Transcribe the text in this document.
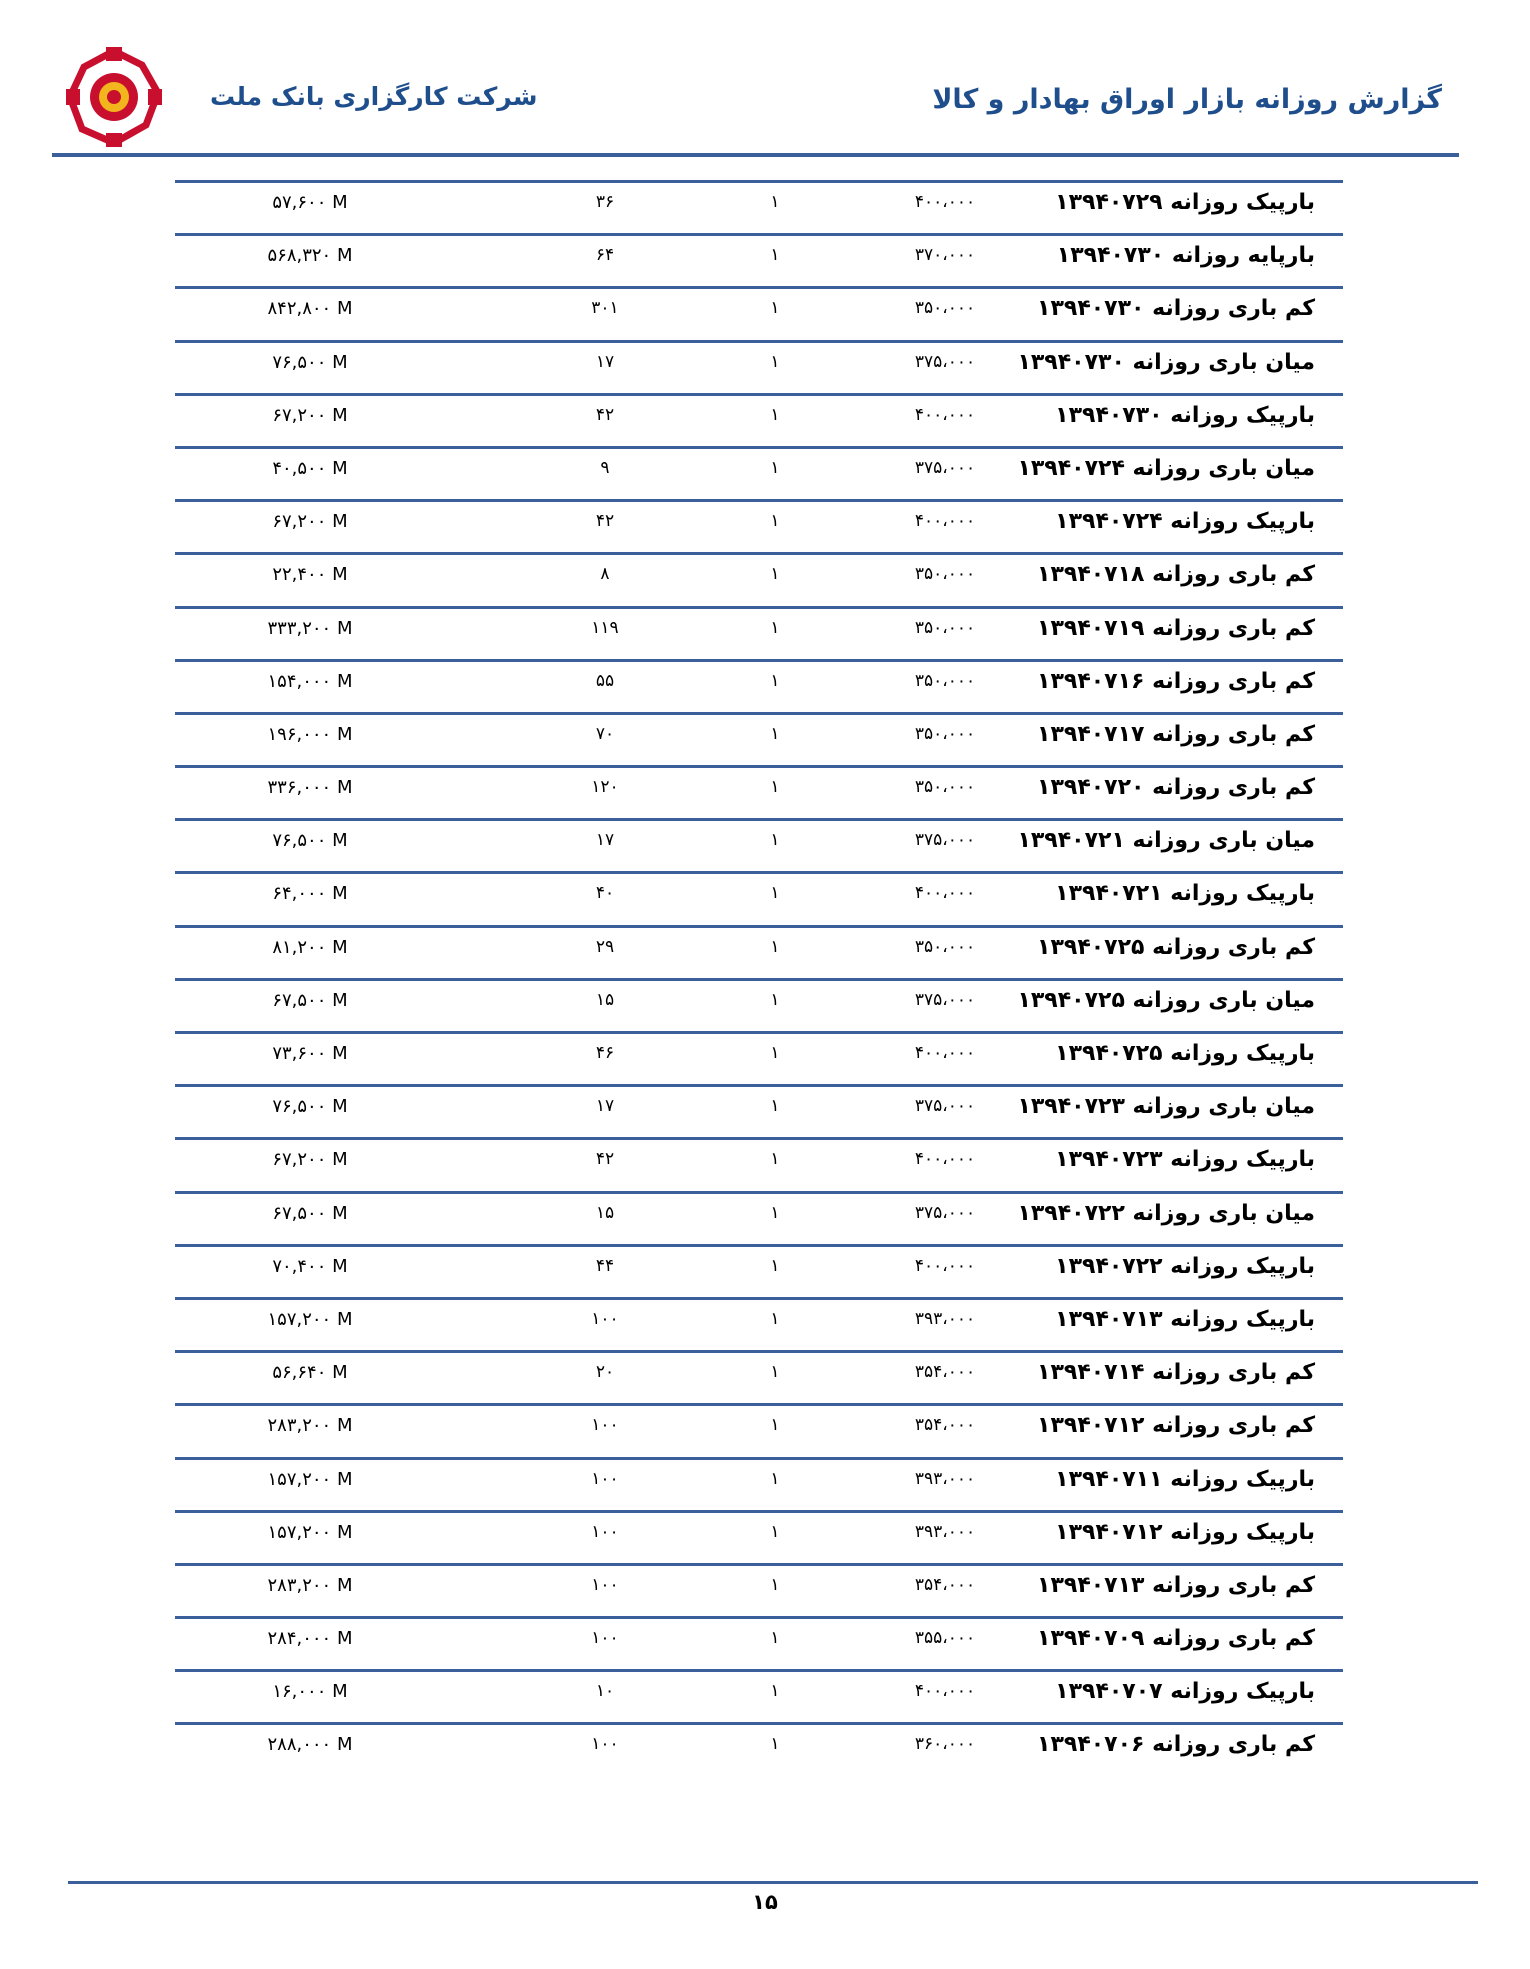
شرکت کارگزاری بانک ملت	گزارش روزانه بازار اوراق بهادار و کالا
بارپیک روزانه ۱۳۹۴۰۷۲۹
۴۰۰،۰۰۰
۱
۳۶
۵۷,۶۰۰ M
بارپایه روزانه ۱۳۹۴۰۷۳۰
۳۷۰،۰۰۰
۱
۶۴
۵۶۸,۳۲۰ M
کم باری روزانه ۱۳۹۴۰۷۳۰
۳۵۰،۰۰۰
۱
۳۰۱
۸۴۲,۸۰۰ M
میان باری روزانه ۱۳۹۴۰۷۳۰
۳۷۵،۰۰۰
۱
۱۷
۷۶,۵۰۰ M
بارپیک روزانه ۱۳۹۴۰۷۳۰
۴۰۰،۰۰۰
۱
۴۲
۶۷,۲۰۰ M
میان باری روزانه ۱۳۹۴۰۷۲۴
۳۷۵،۰۰۰
۱
۹
۴۰,۵۰۰ M
بارپیک روزانه ۱۳۹۴۰۷۲۴
۴۰۰،۰۰۰
۱
۴۲
۶۷,۲۰۰ M
کم باری روزانه ۱۳۹۴۰۷۱۸
۳۵۰،۰۰۰
۱
۸
۲۲,۴۰۰ M
کم باری روزانه ۱۳۹۴۰۷۱۹
۳۵۰،۰۰۰
۱
۱۱۹
۳۳۳,۲۰۰ M
کم باری روزانه ۱۳۹۴۰۷۱۶
۳۵۰،۰۰۰
۱
۵۵
۱۵۴,۰۰۰ M
کم باری روزانه ۱۳۹۴۰۷۱۷
۳۵۰،۰۰۰
۱
۷۰
۱۹۶,۰۰۰ M
کم باری روزانه ۱۳۹۴۰۷۲۰
۳۵۰،۰۰۰
۱
۱۲۰
۳۳۶,۰۰۰ M
میان باری روزانه ۱۳۹۴۰۷۲۱
۳۷۵،۰۰۰
۱
۱۷
۷۶,۵۰۰ M
بارپیک روزانه ۱۳۹۴۰۷۲۱
۴۰۰،۰۰۰
۱
۴۰
۶۴,۰۰۰ M
کم باری روزانه ۱۳۹۴۰۷۲۵
۳۵۰،۰۰۰
۱
۲۹
۸۱,۲۰۰ M
میان باری روزانه ۱۳۹۴۰۷۲۵
۳۷۵،۰۰۰
۱
۱۵
۶۷,۵۰۰ M
بارپیک روزانه ۱۳۹۴۰۷۲۵
۴۰۰،۰۰۰
۱
۴۶
۷۳,۶۰۰ M
میان باری روزانه ۱۳۹۴۰۷۲۳
۳۷۵،۰۰۰
۱
۱۷
۷۶,۵۰۰ M
بارپیک روزانه ۱۳۹۴۰۷۲۳
۴۰۰،۰۰۰
۱
۴۲
۶۷,۲۰۰ M
میان باری روزانه ۱۳۹۴۰۷۲۲
۳۷۵،۰۰۰
۱
۱۵
۶۷,۵۰۰ M
بارپیک روزانه ۱۳۹۴۰۷۲۲
۴۰۰،۰۰۰
۱
۴۴
۷۰,۴۰۰ M
بارپیک روزانه ۱۳۹۴۰۷۱۳
۳۹۳،۰۰۰
۱
۱۰۰
۱۵۷,۲۰۰ M
کم باری روزانه ۱۳۹۴۰۷۱۴
۳۵۴،۰۰۰
۱
۲۰
۵۶,۶۴۰ M
کم باری روزانه ۱۳۹۴۰۷۱۲
۳۵۴،۰۰۰
۱
۱۰۰
۲۸۳,۲۰۰ M
بارپیک روزانه ۱۳۹۴۰۷۱۱
۳۹۳،۰۰۰
۱
۱۰۰
۱۵۷,۲۰۰ M
بارپیک روزانه ۱۳۹۴۰۷۱۲
۳۹۳،۰۰۰
۱
۱۰۰
۱۵۷,۲۰۰ M
کم باری روزانه ۱۳۹۴۰۷۱۳
۳۵۴،۰۰۰
۱
۱۰۰
۲۸۳,۲۰۰ M
کم باری روزانه ۱۳۹۴۰۷۰۹
۳۵۵،۰۰۰
۱
۱۰۰
۲۸۴,۰۰۰ M
بارپیک روزانه ۱۳۹۴۰۷۰۷
۴۰۰،۰۰۰
۱
۱۰
۱۶,۰۰۰ M
کم باری روزانه ۱۳۹۴۰۷۰۶
۳۶۰،۰۰۰
۱
۱۰۰
۲۸۸,۰۰۰ M
۱۵
